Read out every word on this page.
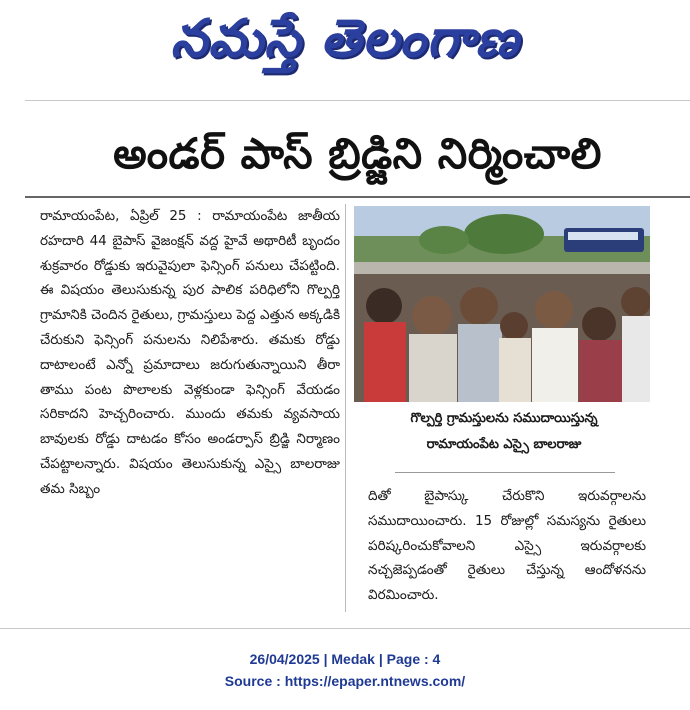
నమస్తే తెలంగాణ
అండర్ పాస్ బ్రిడ్జిని నిర్మించాలి
రామాయంపేట, ఏప్రిల్ 25 : రామాయంపేట జాతీయ రహదారి 44 బైపాస్ వైజంక్షన్ వద్ద హైవే అథారిటీ బృందం శుక్రవారం రోడ్డుకు ఇరువైపులా ఫెన్సింగ్ పనులు చేపట్టింది. ఈ విషయం తెలుసుకున్న పుర పాలిక పరిధిలోని గొల్పర్తి గ్రామానికి చెందిన రైతులు, గ్రామస్తులు పెద్ద ఎత్తున అక్కడికి చేరుకుని ఫెన్సింగ్ పనులను నిలిపేశారు. తమకు రోడ్డు దాటాలంటే ఎన్నో ప్రమాదాలు జరుగుతున్నాయిని తీరా తాము పంట పొలాలకు వెళ్లకుండా ఫెన్సింగ్ వేయడం సరికాదని హెచ్చరించారు. ముందు తమకు వ్యవసాయ బావులకు రోడ్డు దాటడం కోసం అండర్పాస్ బ్రిడ్జి నిర్మాణం చేపట్టాలన్నారు. విషయం తెలుసుకున్న ఎస్సై బాలరాజు తమ సిబ్బం
గొల్పర్తి గ్రామస్తులను సముదాయిస్తున్న
రామాయంపేట ఎస్సై బాలరాజు
దితో బైపాస్కు చేరుకొని ఇరువర్గాలను సముదాయించారు. 15 రోజుల్లో సమస్యను రైతులు పరిష్కరించుకోవాలని ఎస్సై ఇరువర్గాలకు నచ్చజెప్పడంతో రైతులు చేస్తున్న ఆందోళనను విరమించారు.
26/04/2025 | Medak | Page : 4
Source : https://epaper.ntnews.com/
